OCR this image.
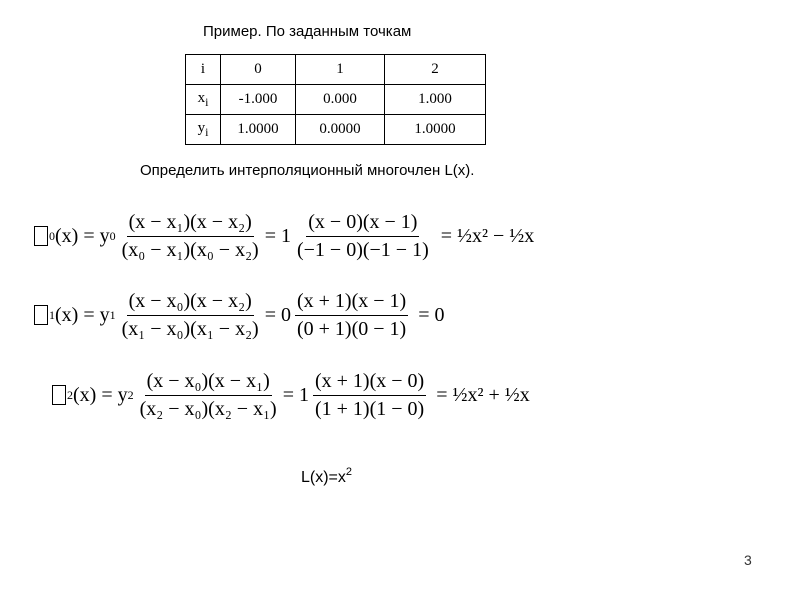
Пример. По заданным точкам
i	0	1	2
$x_i$	-1.000	0.000	1.000
$y_i$	1.0000	0.0000	1.0000
Определить интерполяционный многочлен L(x).
0 (x) = y $0 \frac{\text{(x − x₁)(x − x₂)}}{\text{(x₀ − x₁)(x₀ − x₂)}} = 1$
(x − 0)(x − 1)
(−1 − 0)(−1 − 1)
= ½x² − ½x
1 (x) = y $1 \frac{\text{(x − x₀)(x − x₂)}}{\text{(x₁ − x₀)(x₁ − x₂)}} = 0$
(x + 1)(x − 1)
(0 + 1)(0 − 1)
= 0
2 (x) = y $2 \frac{\text{(x − x₀)(x − x₁)}}{\text{(x₂ − x₀)(x₂ − x₁)}} = 1$
(x + 1)(x − 0)
(1 + 1)(1 − 0)
= ½x² + ½x
$L(x)=x^2$
3
